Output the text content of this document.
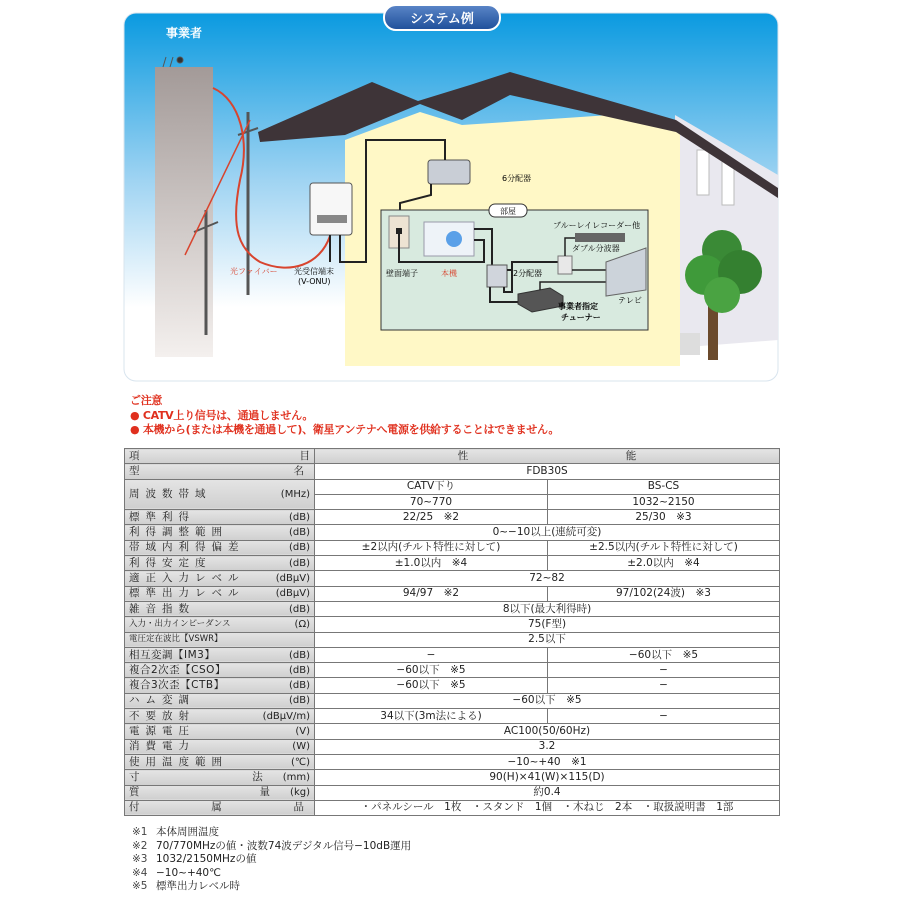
事業者
部屋
光ファイバー 光受信端末
(V-ONU)
6分配器
壁面端子	本機	2分配器
ブルーレイレコーダー他
ダブル分波器
テレビ
事業者指定
チューナー
システム例
ご注意
● CATV上り信号は、通過しません。
● 本機から(または本機を通過して)、衛星アンテナへ電源を供給することはできません。
項 目	性 能	

型 名	FDB30S	

周波数帯域 (MHz)	CATV下り	BS-CS
	70~770	1032~2150

標準利得 (dB)	22/25　※2	25/30　※3

利得調整範囲 (dB)	0~−10以上(連続可変)	

帯域内利得偏差 (dB)	±2以内(チルト特性に対して)	±2.5以内(チルト特性に対して)

利得安定度 (dB)	±1.0以内　※4	±2.0以内　※4

適正入力レベル (dBμV)	72~82	

標準出力レベル (dBμV)	94/97　※2	97/102(24波)　※3

雑音指数 (dB)	8以下(最大利得時)	

入力・出力インピーダンス (Ω)	75(F型)	

電圧定在波比【VSWR】	2.5以下	

相互変調【IM3】 (dB)	−	−60以下　※5

複合2次歪【CSO】 (dB)	−60以下　※5	−

複合3次歪【CTB】 (dB)	−60以下　※5	−

ハム変調 (dB)	−60以下　※5	

不要放射 (dBμV/m)	34以下(3m法による)	−

電源電圧 (V)	AC100(50/60Hz)	

消費電力 (W)	3.2	

使用温度範囲 (℃)	−10~+40　※1	

寸 法 (mm)	90(H)×41(W)×115(D)	

質 量 (kg)	約0.4	

付 属 品	・パネルシール　1枚　・スタンド　1個　・木ねじ　2本　・取扱説明書　1部	
※1 本体周囲温度
※2 70/770MHzの値・波数74波デジタル信号−10dB運用
※3 1032/2150MHzの値
※4 −10~+40℃
※5 標準出力レベル時
